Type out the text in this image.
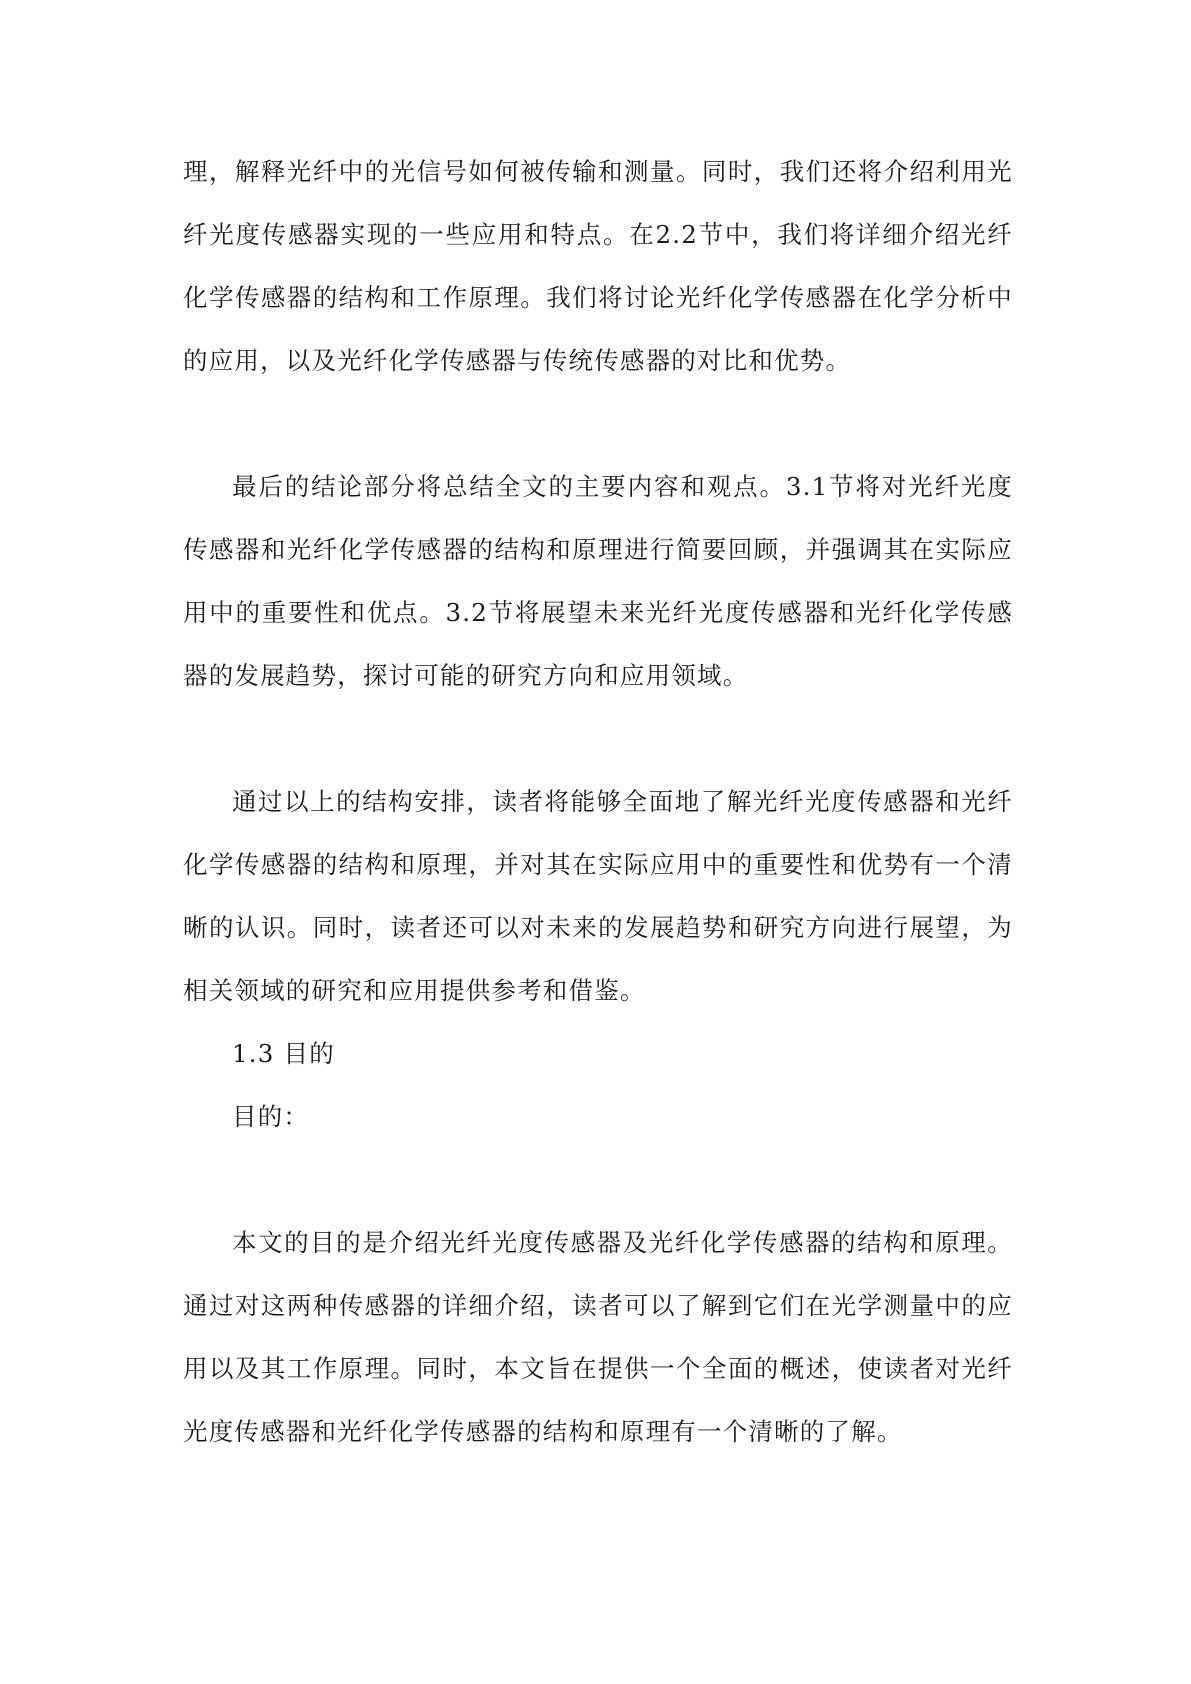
理，解释光纤中的光信号如何被传输和测量。同时，我们还将介绍利用光纤光度传感器实现的一些应用和特点。在2.2节中，我们将详细介绍光纤化学传感器的结构和工作原理。我们将讨论光纤化学传感器在化学分析中的应用，以及光纤化学传感器与传统传感器的对比和优势。

最后的结论部分将总结全文的主要内容和观点。3.1节将对光纤光度传感器和光纤化学传感器的结构和原理进行简要回顾，并强调其在实际应用中的重要性和优点。3.2节将展望未来光纤光度传感器和光纤化学传感器的发展趋势，探讨可能的研究方向和应用领域。

通过以上的结构安排，读者将能够全面地了解光纤光度传感器和光纤化学传感器的结构和原理，并对其在实际应用中的重要性和优势有一个清晰的认识。同时，读者还可以对未来的发展趋势和研究方向进行展望，为相关领域的研究和应用提供参考和借鉴。

1.3 目的

目的：

本文的目的是介绍光纤光度传感器及光纤化学传感器的结构和原理。通过对这两种传感器的详细介绍，读者可以了解到它们在光学测量中的应用以及其工作原理。同时，本文旨在提供一个全面的概述，使读者对光纤光度传感器和光纤化学传感器的结构和原理有一个清晰的了解。
